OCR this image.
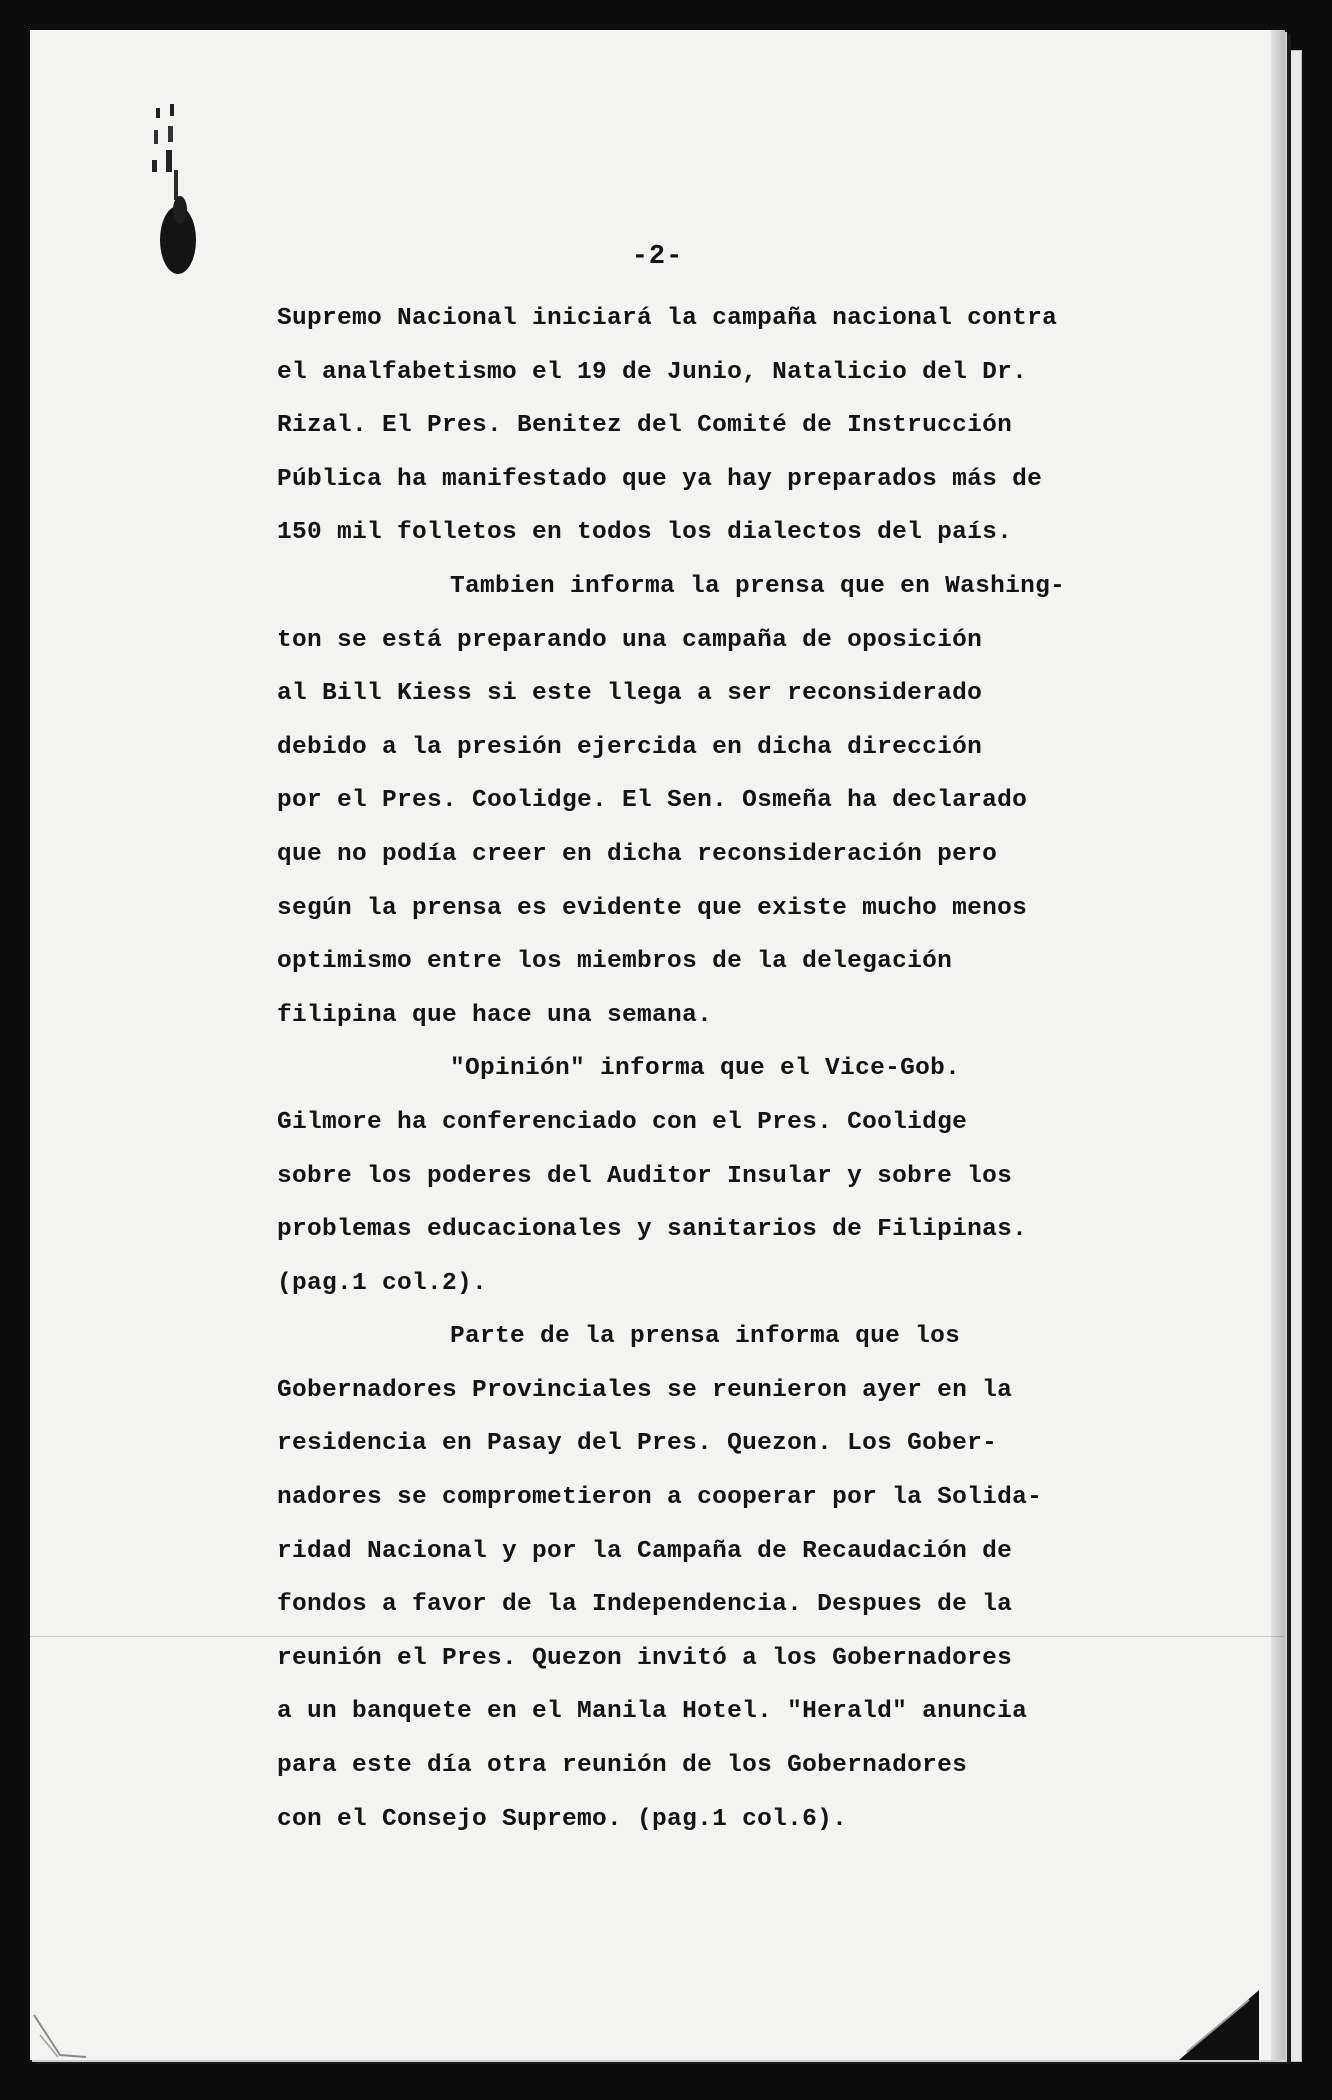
-2-
Supremo Nacional iniciará la campaña nacional contra
el analfabetismo el 19 de Junio, Natalicio del Dr.
Rizal. El Pres. Benitez del Comité de Instrucción
Pública ha manifestado que ya hay preparados más de
150 mil folletos en todos los dialectos del país.
Tambien informa la prensa que en Washing-
ton se está preparando una campaña de oposición
al Bill Kiess si este llega a ser reconsiderado
debido a la presión ejercida en dicha dirección
por el Pres. Coolidge. El Sen. Osmeña ha declarado
que no podía creer en dicha reconsideración pero
según la prensa es evidente que existe mucho menos
optimismo entre los miembros de la delegación
filipina que hace una semana.
"Opinión" informa que el Vice-Gob.
Gilmore ha conferenciado con el Pres. Coolidge
sobre los poderes del Auditor Insular y sobre los
problemas educacionales y sanitarios de Filipinas.
(pag.1 col.2).
Parte de la prensa informa que los
Gobernadores Provinciales se reunieron ayer en la
residencia en Pasay del Pres. Quezon. Los Gober-
nadores se comprometieron a cooperar por la Solida-
ridad Nacional y por la Campaña de Recaudación de
fondos a favor de la Independencia. Despues de la
reunión el Pres. Quezon invitó a los Gobernadores
a un banquete en el Manila Hotel. "Herald" anuncia
para este día otra reunión de los Gobernadores
con el Consejo Supremo. (pag.1 col.6).
